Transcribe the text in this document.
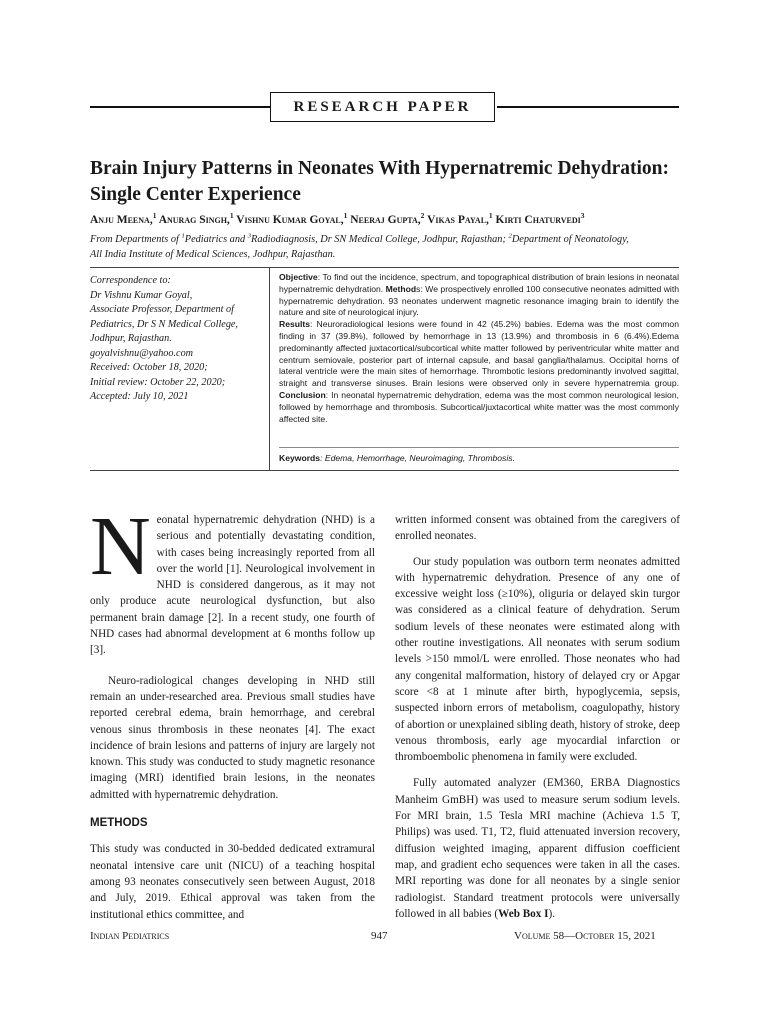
RESEARCH PAPER
Brain Injury Patterns in Neonates With Hypernatremic Dehydration: Single Center Experience
Anju Meena,$^1$ Anurag Singh,$^1$ Vishnu Kumar Goyal,$^1$ Neeraj Gupta,$^2$ Vikas Payal,$^1$ Kirti Chaturvedi$^3$
From Departments of $^1$Pediatrics and $^3$Radiodiagnosis, Dr SN Medical College, Jodhpur, Rajasthan; $^2$Department of Neonatology,
All India Institute of Medical Sciences, Jodhpur, Rajasthan.
Correspondence to:
Dr Vishnu Kumar Goyal,
Associate Professor, Department of
Pediatrics, Dr S N Medical College,
Jodhpur, Rajasthan.
goyalvishnu@yahoo.com
Received: October 18, 2020;
Initial review: October 22, 2020;
Accepted: July 10, 2021
Objective: To find out the incidence, spectrum, and topographical distribution of brain lesions in neonatal hypernatremic dehydration. Methods: We prospectively enrolled 100 consecutive neonates admitted with hypernatremic dehydration. 93 neonates underwent magnetic resonance imaging brain to identify the nature and site of neurological injury.
Results: Neuroradiological lesions were found in 42 (45.2%) babies. Edema was the most common finding in 37 (39.8%), followed by hemorrhage in 13 (13.9%) and thrombosis in 6 (6.4%).Edema predominantly affected juxtacortical/subcortical white matter followed by periventricular white matter and centrum semiovale, posterior part of internal capsule, and basal ganglia/thalamus. Occipital horns of lateral ventricle were the main sites of hemorrhage. Thrombotic lesions predominantly involved sagittal, straight and transverse sinuses. Brain lesions were observed only in severe hypernatremia group. Conclusion: In neonatal hypernatremic dehydration, edema was the most common neurological lesion, followed by hemorrhage and thrombosis. Subcortical/juxtacortical white matter was the most commonly affected site.
Keywords: Edema, Hemorrhage, Neuroimaging, Thrombosis.

Neonatal hypernatremic dehydration (NHD) is a serious and potentially devastating condition, with cases being increasingly reported from all over the world [1]. Neurological involvement in NHD is considered dangerous, as it may not only produce acute neurological dysfunction, but also permanent brain damage [2]. In a recent study, one fourth of NHD cases had abnormal development at 6 months follow up [3].

Neuro-radiological changes developing in NHD still remain an under-researched area. Previous small studies have reported cerebral edema, brain hemorrhage, and cerebral venous sinus thrombosis in these neonates [4]. The exact incidence of brain lesions and patterns of injury are largely not known. This study was conducted to study magnetic resonance imaging (MRI) identified brain lesions, in the neonates admitted with hypernatremic dehydration.

METHODS

This study was conducted in 30-bedded dedicated extramural neonatal intensive care unit (NICU) of a teaching hospital among 93 neonates consecutively seen between August, 2018 and July, 2019. Ethical approval was taken from the institutional ethics committee, and

written informed consent was obtained from the caregivers of enrolled neonates.

Our study population was outborn term neonates admitted with hypernatremic dehydration. Presence of any one of excessive weight loss (≥10%), oliguria or delayed skin turgor was considered as a clinical feature of dehydration. Serum sodium levels of these neonates were estimated along with other routine investigations. All neonates with serum sodium levels >150 mmol/L were enrolled. Those neonates who had any congenital malformation, history of delayed cry or Apgar score <8 at 1 minute after birth, hypoglycemia, sepsis, suspected inborn errors of metabolism, coagulopathy, history of abortion or unexplained sibling death, history of stroke, deep venous thrombosis, early age myocardial infarction or thromboembolic phenomena in family were excluded.

Fully automated analyzer (EM360, ERBA Diagnostics Manheim GmBH) was used to measure serum sodium levels. For MRI brain, 1.5 Tesla MRI machine (Achieva 1.5 T, Philips) was used. T1, T2, fluid attenuated inversion recovery, diffusion weighted imaging, apparent diffusion coefficient map, and gradient echo sequences were taken in all the cases. MRI reporting was done for all neonates by a single senior radiologist. Standard treatment protocols were universally followed in all babies (Web Box I).

Indian Pediatrics	947	Volume 58—October 15, 2021
